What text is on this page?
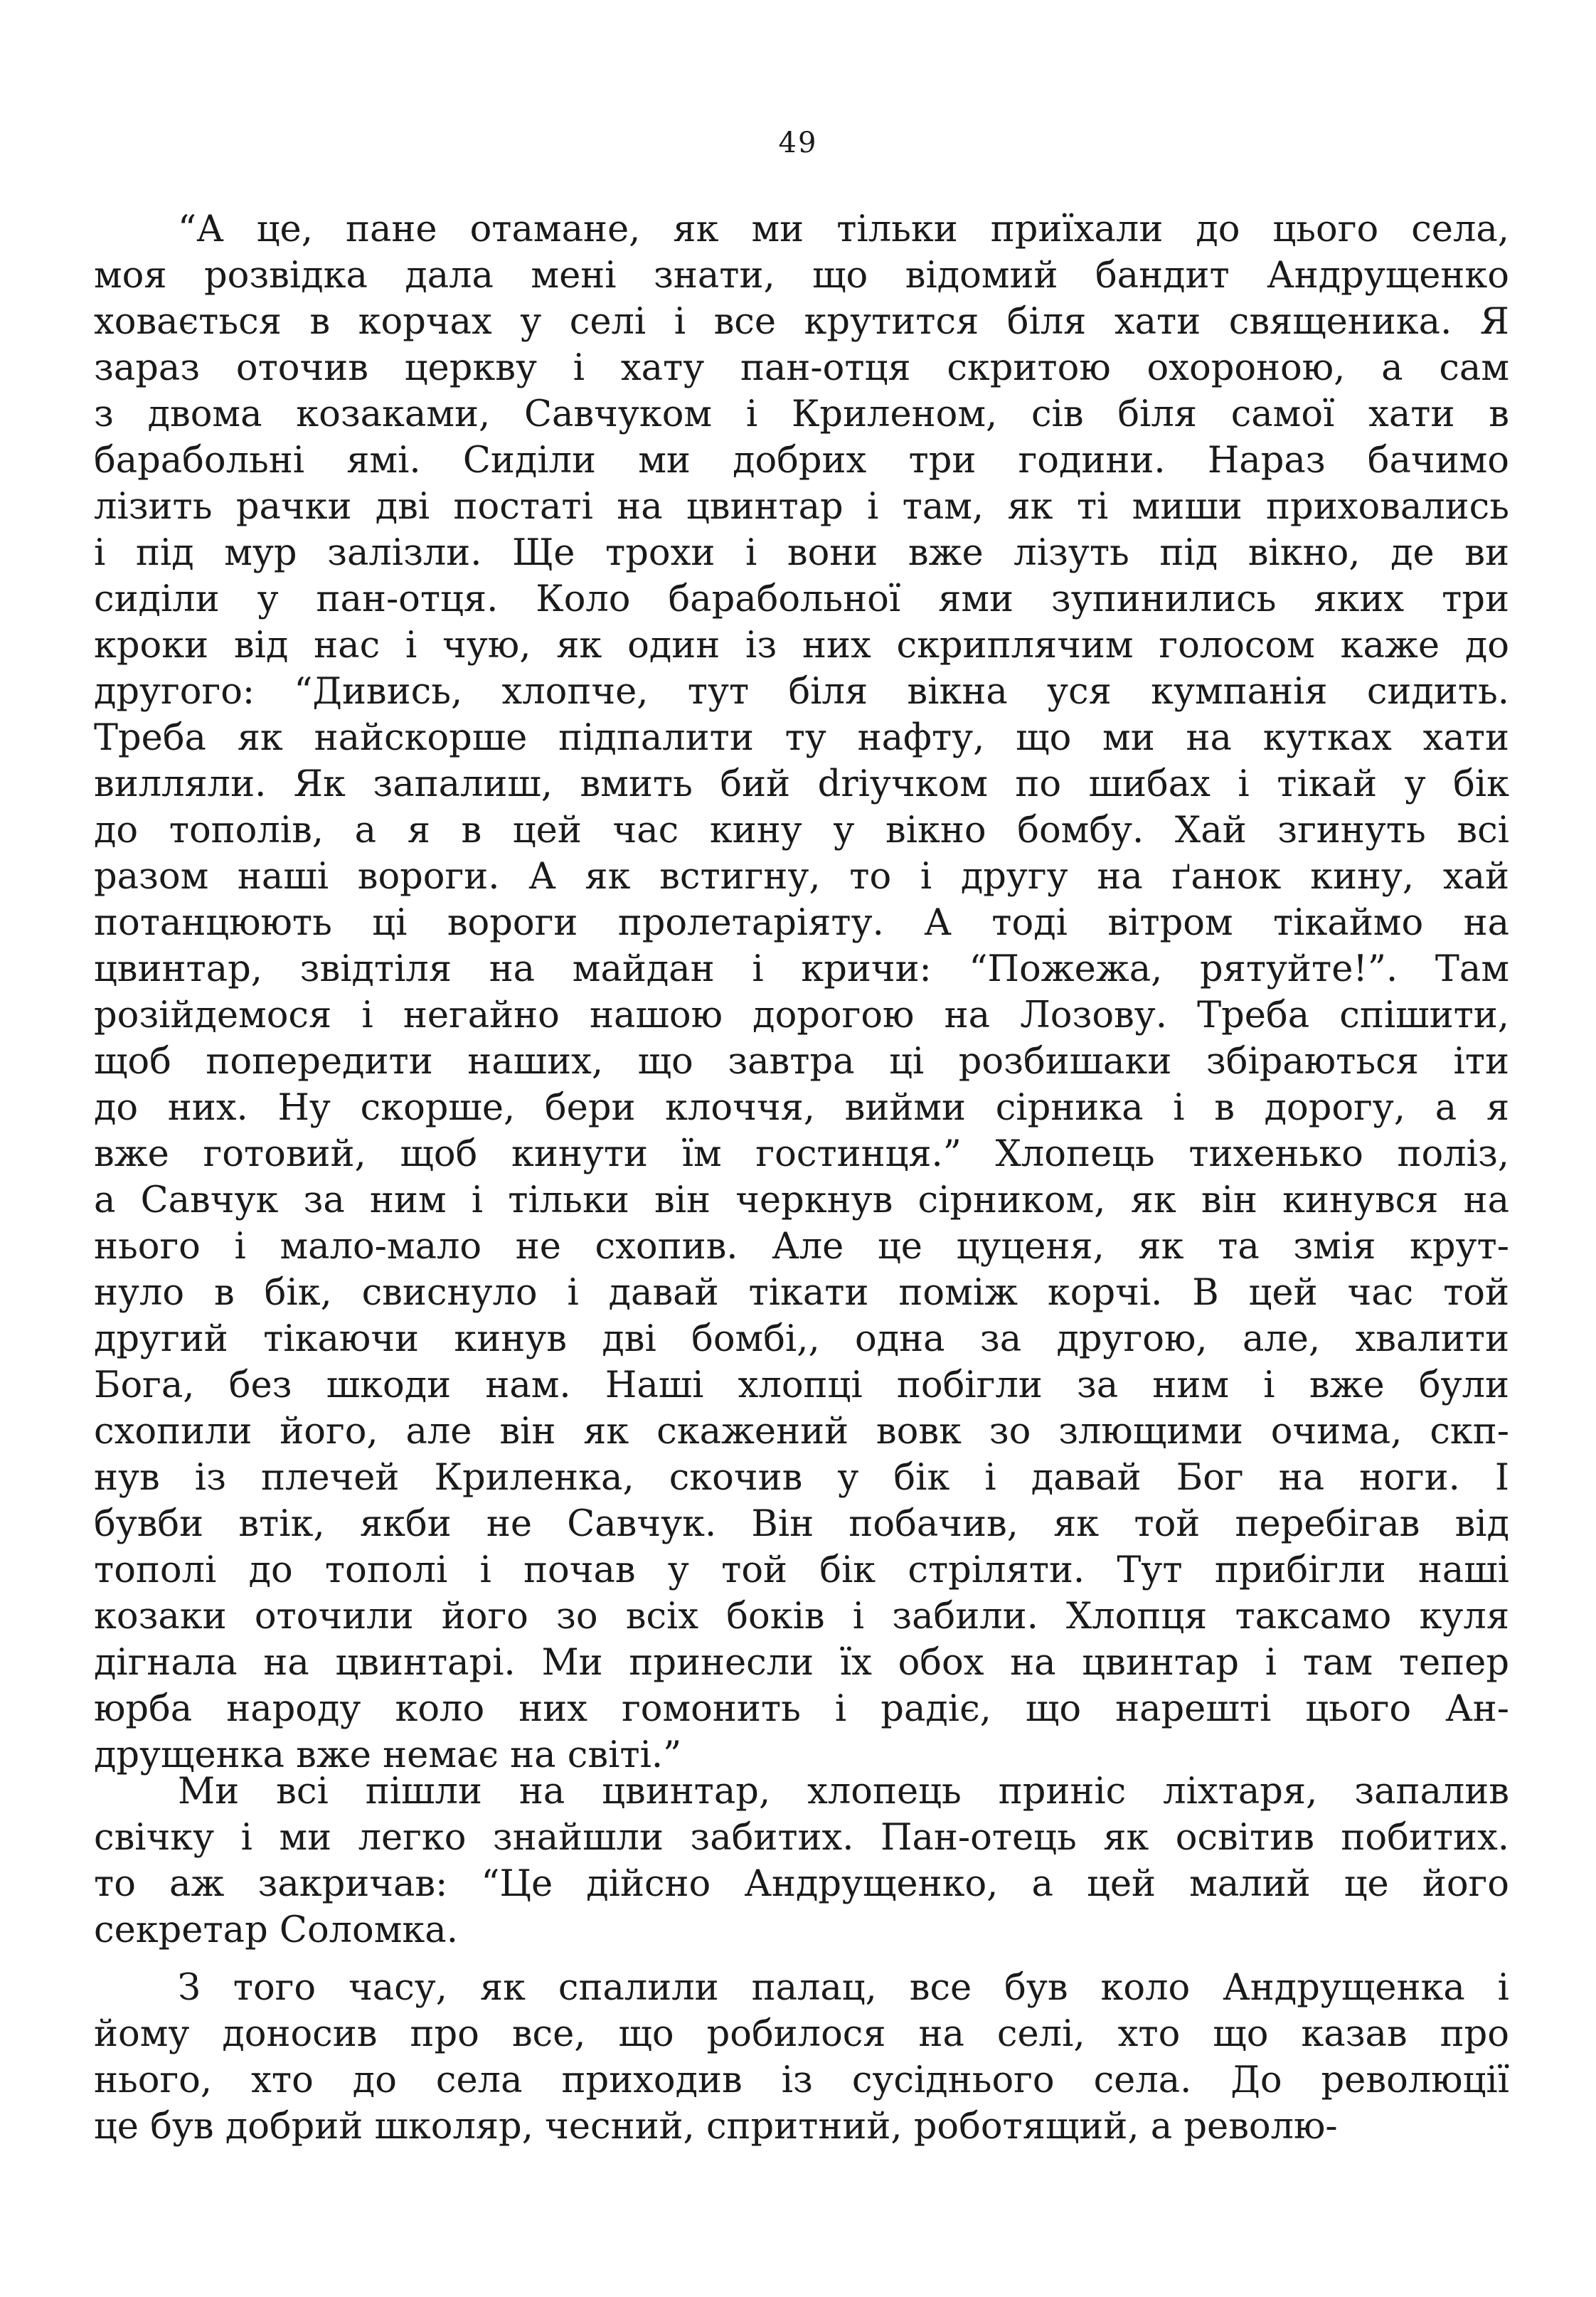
49

“А це, пане отамане, як ми тільки приїхали до цього села,
моя розвідка дала мені знати, що відомий бандит Андрущенко
ховається в корчах у селі і все крутится біля хати священика. Я
зараз оточив церкву і хату пан-отця скритою охороною, а сам
з двома козаками, Савчуком і Криленом, сів біля самої хати в
барабольні ямі. Сиділи ми добрих три години. Нараз бачимо
лізить рачки дві постаті на цвинтар і там, як ті миши приховались
і під мур залізли. Ще трохи і вони вже лізуть під вікно, де ви
сиділи у пан-отця. Коло барабольної ями зупинились яких три
кроки від нас і чую, як один із них скриплячим голосом каже до
другого: “Дивись, хлопче, тут біля вікна уся кумпанія сидить.
Треба як найскорше підпалити ту нафту, що ми на кутках хати
вилляли. Як запалиш, вмить бий driучком по шибах і тікай у бік
до тополів, а я в цей час кину у вікно бомбу. Хай згинуть всі
разом наші вороги. А як встигну, то і другу на ґанок кину, хай
потанцюють ці вороги пролетаріяту. А тоді вітром тікаймо на
цвинтар, звідтіля на майдан і кричи: “Пожежа, рятуйте!”. Там
розійдемося і негайно нашою дорогою на Лозову. Треба спішити,
щоб попередити наших, що завтра ці розбишаки збіраються іти
до них. Ну скорше, бери клоччя, вийми сірника і в дорогу, а я
вже готовий, щоб кинути їм гостинця.” Хлопець тихенько поліз,
а Савчук за ним і тільки він черкнув сірником, як він кинувся на
нього і мало-мало не схопив. Але це цуценя, як та змія крут-
нуло в бік, свиснуло і давай тікати поміж корчі. В цей час той
другий тікаючи кинув дві бомбі,, одна за другою, але, хвалити
Бога, без шкоди нам. Наші хлопці побігли за ним і вже були
схопили його, але він як скажений вовк зо злющими очима, скп-
нув із плечей Криленка, скочив у бік і давай Бог на ноги. І
бувби втік, якби не Савчук. Він побачив, як той перебігав від
тополі до тополі і почав у той бік стріляти. Тут прибігли наші
козаки оточили його зо всіх боків і забили. Хлопця таксамо куля
дігнала на цвинтарі. Ми принесли їх обох на цвинтар і там тепер
юрба народу коло них гомонить і радіє, що нарешті цього Ан-
друщенка вже немає на світі.”

Ми всі пішли на цвинтар, хлопець приніс ліхтаря, запалив
свічку і ми легко знайшли забитих. Пан-отець як освітив побитих.
то аж закричав: “Це дійсно Андрущенко, а цей малий це його
секретар Соломка.

З того часу, як спалили палац, все був коло Андрущенка і
йому доносив про все, що робилося на селі, хто що казав про
нього, хто до села приходив із сусіднього села. До революції
це був добрий школяр, чесний, спритний, роботящий, а револю-
